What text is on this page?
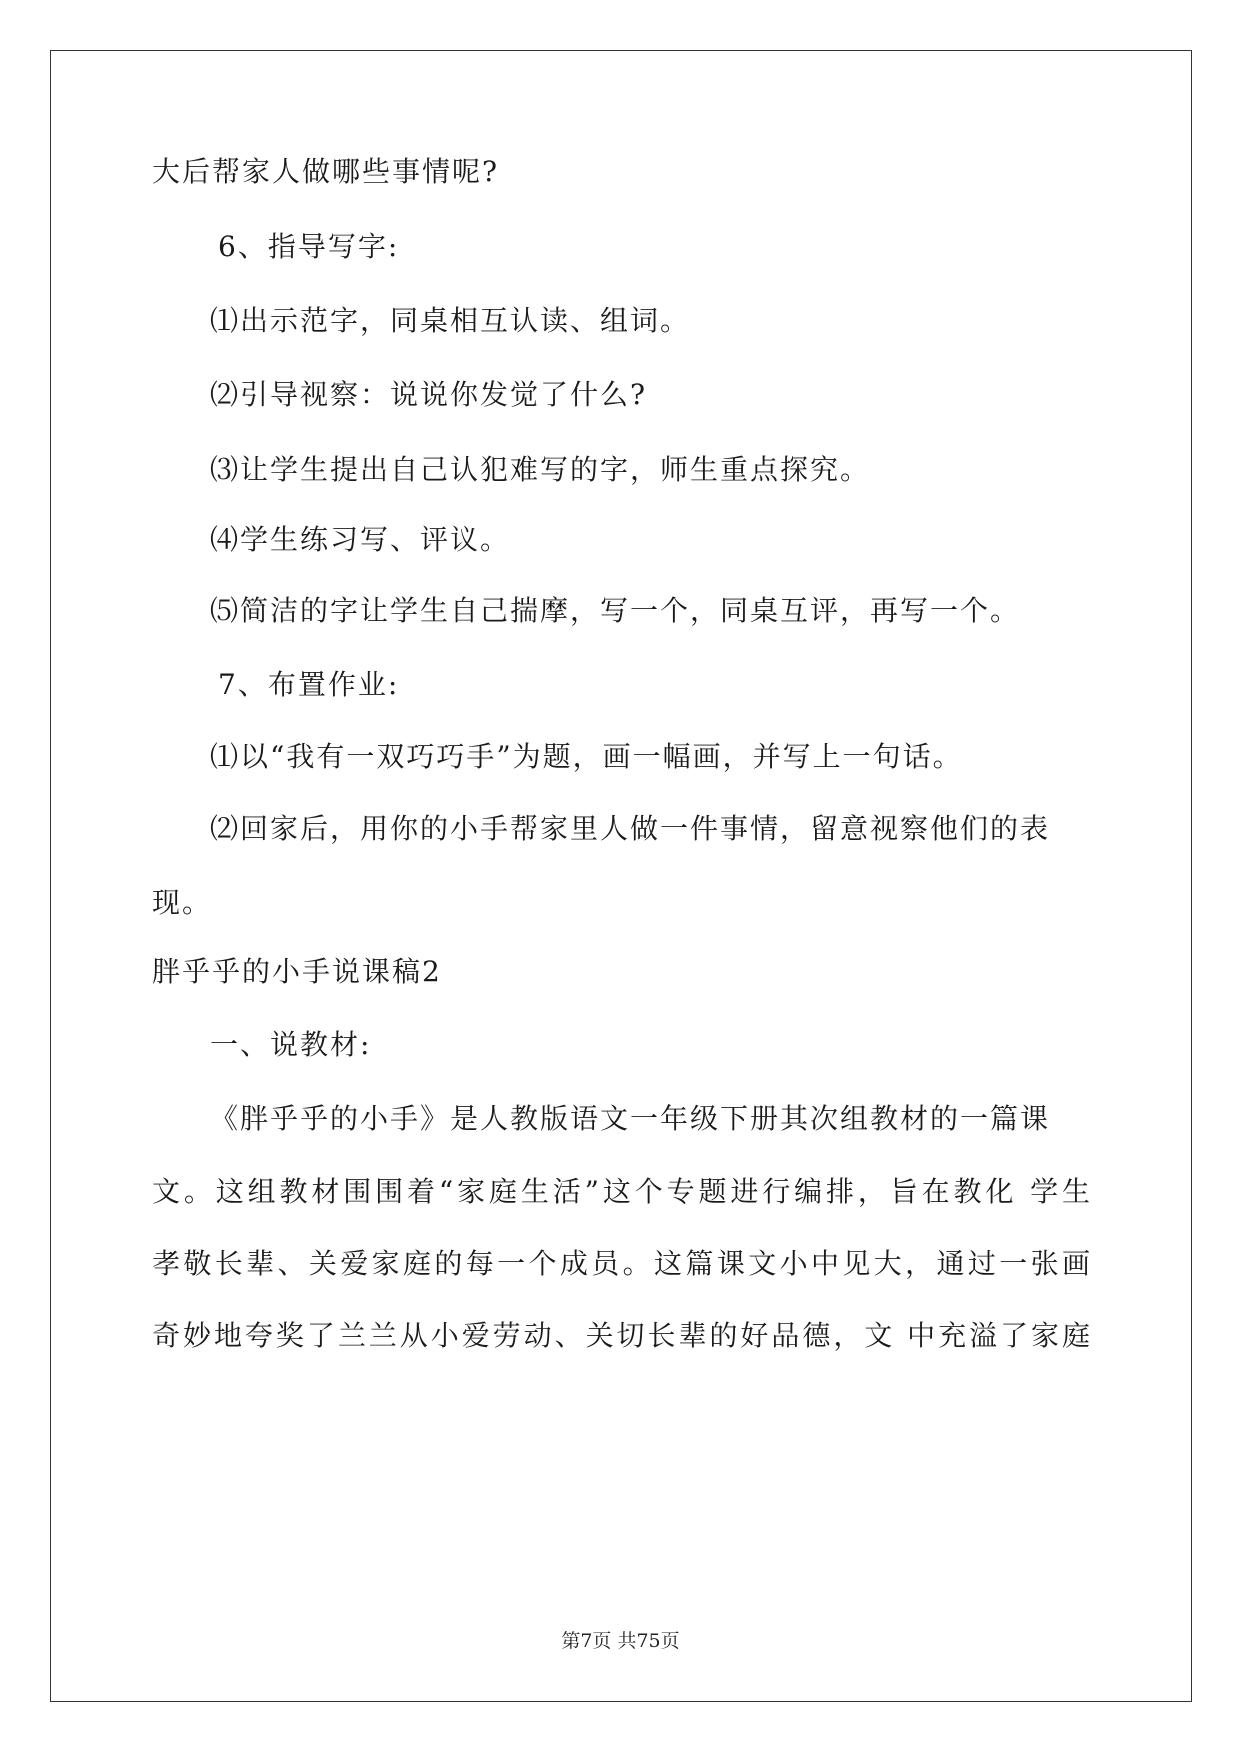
大后帮家人做哪些事情呢?
6、指导写字:
⑴出示范字，同桌相互认读、组词。
⑵引导视察：说说你发觉了什么?
⑶让学生提出自己认犯难写的字，师生重点探究。
⑷学生练习写、评议。
⑸简洁的字让学生自己揣摩，写一个，同桌互评，再写一个。
7、布置作业:
⑴以“我有一双巧巧手”为题，画一幅画，并写上一句话。
⑵回家后，用你的小手帮家里人做一件事情，留意视察他们的表
现。
胖乎乎的小手说课稿2
一、说教材:
《胖乎乎的小手》是人教版语文一年级下册其次组教材的一篇课
文。这组教材围围着“家庭生活”这个专题进行编排，旨在教化 学生
孝敬长辈、关爱家庭的每一个成员。这篇课文小中见大，通过一张画
奇妙地夸奖了兰兰从小爱劳动、关切长辈的好品德，文 中充溢了家庭
第7页 共75页
